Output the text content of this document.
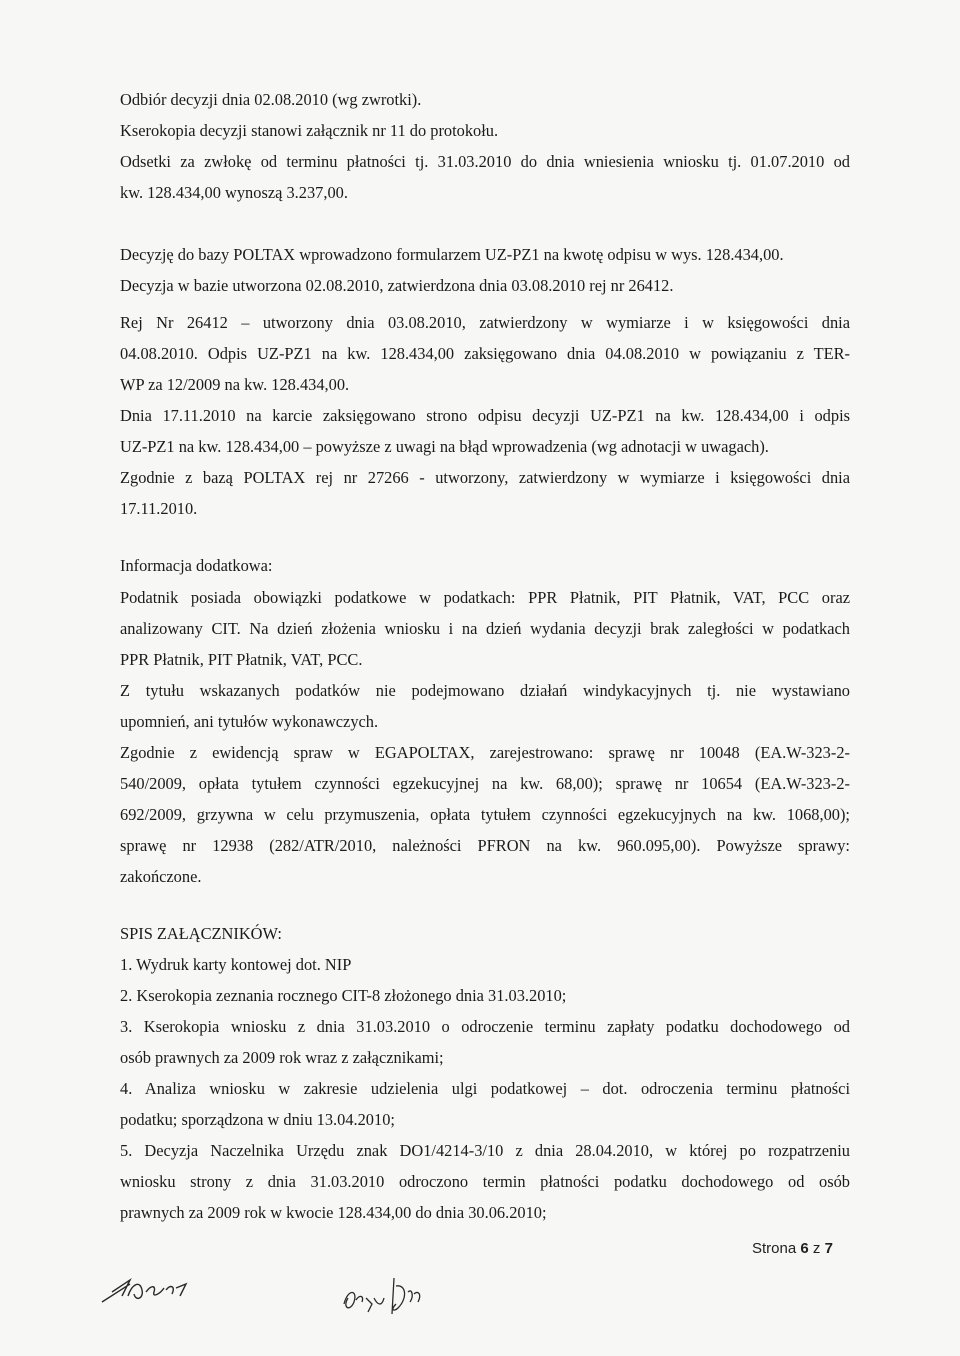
Odbiór decyzji dnia 02.08.2010 (wg zwrotki).
Kserokopia decyzji stanowi załącznik nr 11 do protokołu.
Odsetki za zwłokę od terminu płatności tj. 31.03.2010 do dnia wniesienia wniosku tj. 01.07.2010 od
kw. 128.434,00 wynoszą 3.237,00.
Decyzję do bazy POLTAX wprowadzono formularzem UZ-PZ1 na kwotę odpisu w wys. 128.434,00.
Decyzja w bazie utworzona 02.08.2010, zatwierdzona dnia 03.08.2010 rej nr 26412.
Rej Nr 26412 – utworzony dnia 03.08.2010, zatwierdzony w wymiarze i w księgowości dnia
04.08.2010. Odpis UZ-PZ1 na kw. 128.434,00 zaksięgowano dnia 04.08.2010 w powiązaniu z TER-
WP za 12/2009 na kw. 128.434,00.
Dnia 17.11.2010 na karcie zaksięgowano strono odpisu decyzji UZ-PZ1 na kw. 128.434,00 i odpis
UZ-PZ1 na kw. 128.434,00 – powyższe z uwagi na błąd wprowadzenia (wg adnotacji w uwagach).
Zgodnie z bazą POLTAX rej nr 27266 - utworzony, zatwierdzony w wymiarze i księgowości dnia
17.11.2010.
Informacja dodatkowa:
Podatnik posiada obowiązki podatkowe w podatkach: PPR Płatnik, PIT Płatnik, VAT, PCC oraz
analizowany CIT. Na dzień złożenia wniosku i na dzień wydania decyzji brak zaległości w podatkach
PPR Płatnik, PIT Płatnik, VAT, PCC.
Z tytułu wskazanych podatków nie podejmowano działań windykacyjnych tj. nie wystawiano
upomnień, ani tytułów wykonawczych.
Zgodnie z ewidencją spraw w EGAPOLTAX, zarejestrowano: sprawę nr 10048 (EA.W-323-2-
540/2009, opłata tytułem czynności egzekucyjnej na kw. 68,00); sprawę nr 10654 (EA.W-323-2-
692/2009, grzywna w celu przymuszenia, opłata tytułem czynności egzekucyjnych na kw. 1068,00);
sprawę nr 12938 (282/ATR/2010, należności PFRON na kw. 960.095,00). Powyższe sprawy:
zakończone.
SPIS ZAŁĄCZNIKÓW:
1. Wydruk karty kontowej dot. NIP
2. Kserokopia zeznania rocznego CIT-8 złożonego dnia 31.03.2010;
3. Kserokopia wniosku z dnia 31.03.2010 o odroczenie terminu zapłaty podatku dochodowego od
osób prawnych za 2009 rok wraz z załącznikami;
4. Analiza wniosku w zakresie udzielenia ulgi podatkowej – dot. odroczenia terminu płatności
podatku; sporządzona w dniu 13.04.2010;
5. Decyzja Naczelnika Urzędu znak DO1/4214-3/10 z dnia 28.04.2010, w której po rozpatrzeniu
wniosku strony z dnia 31.03.2010 odroczono termin płatności podatku dochodowego od osób
prawnych za 2009 rok w kwocie 128.434,00 do dnia 30.06.2010;
Strona 6 z 7
